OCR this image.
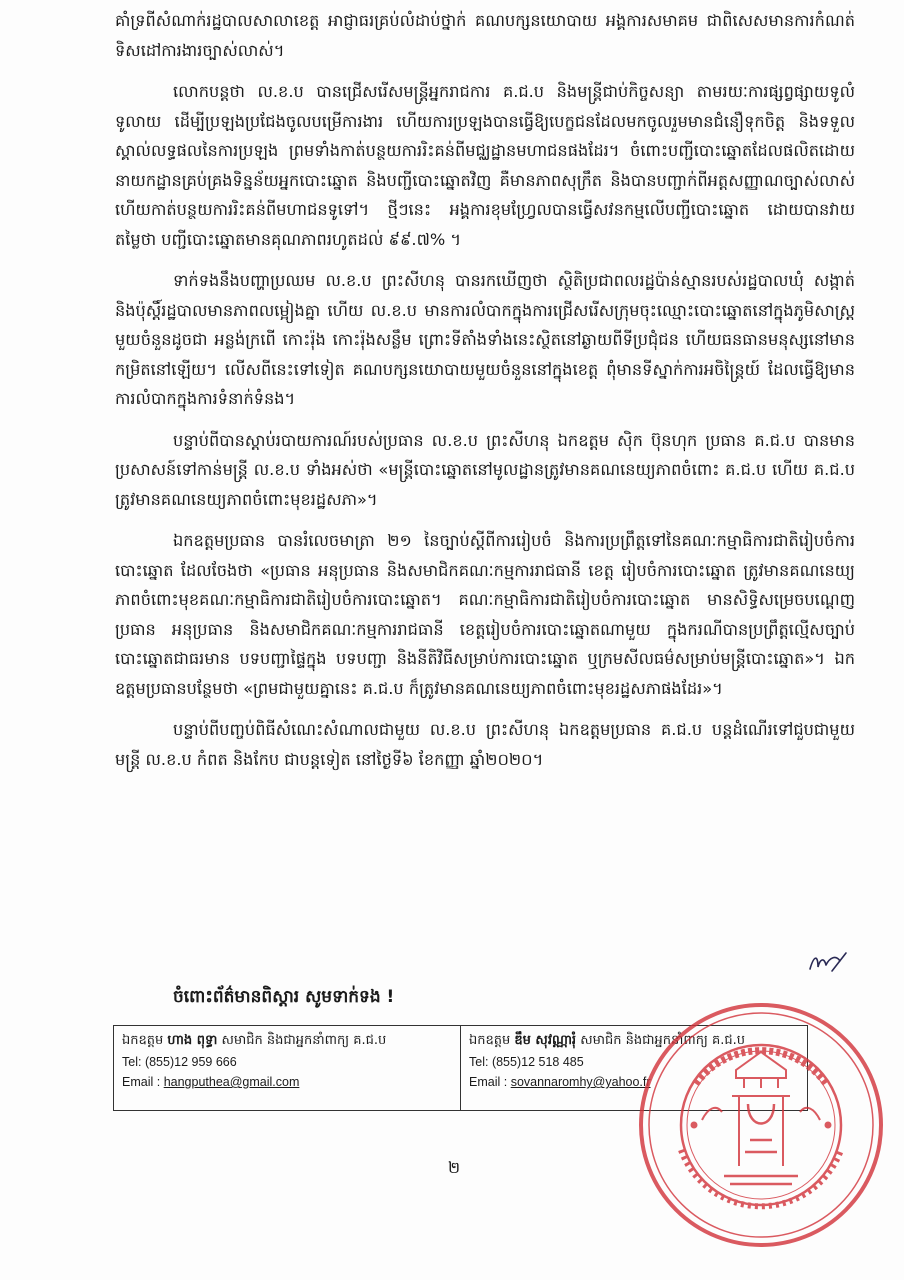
គាំទ្រពីសំណាក់រដ្ឋបាលសាលាខេត្ត អាជ្ញាធរគ្រប់លំដាប់ថ្នាក់ គណបក្សនយោបាយ អង្គការសមាគម ជាពិសេសមានការកំណត់ទិសដៅការងារច្បាស់លាស់។

លោកបន្តថា ល.ខ.ប បានជ្រើសរើសមន្ត្រីអ្នករាជការ គ.ជ.ប និងមន្ត្រីជាប់កិច្ចសន្យា តាមរយៈការផ្សព្វផ្សាយទូលំទូលាយ ដើម្បីប្រឡងប្រជែងចូលបម្រើការងារ ហើយការប្រឡងបានធ្វើឱ្យបេក្ខជនដែលមកចូលរួមមានជំនឿទុកចិត្ត និងទទួលស្គាល់លទ្ធផលនៃការប្រឡង ព្រមទាំងកាត់បន្ថយការរិះគន់ពីមជ្ឈដ្ឋានមហាជនផងដែរ។ ចំពោះបញ្ជីបោះឆ្នោតដែលផលិតដោយនាយកដ្ឋានគ្រប់គ្រងទិន្នន័យអ្នកបោះឆ្នោត និងបញ្ជីបោះឆ្នោតវិញ គឺមានភាពសុក្រឹត និងបានបញ្ជាក់ពីអត្តសញ្ញាណច្បាស់លាស់ ហើយកាត់បន្ថយការរិះគន់ពីមហាជនទូទៅ។ ថ្មីៗនេះ អង្គការខុមហ្វ្រែលបានធ្វើសវនកម្មលើបញ្ជីបោះឆ្នោត ដោយបានវាយតម្លៃថា បញ្ជីបោះឆ្នោតមានគុណភាពរហូតដល់ ៩៩.៧% ។

ទាក់ទងនឹងបញ្ហាប្រឈម ល.ខ.ប ព្រះសីហនុ បានរកឃើញថា ស្ថិតិប្រជាពលរដ្ឋប៉ាន់ស្មានរបស់រដ្ឋបាលឃុំ សង្កាត់ និងប៉ុស្តិ៍រដ្ឋបាលមានភាពលម្អៀងគ្នា ហើយ ល.ខ.ប មានការលំបាកក្នុងការជ្រើសរើសក្រុមចុះឈ្មោះបោះឆ្នោតនៅក្នុងភូមិសាស្ត្រមួយចំនួនដូចជា អន្លង់ក្រពើ កោះរ៉ុង កោះរ៉ុងសន្លឹម ព្រោះទីតាំងទាំងនេះស្ថិតនៅឆ្ងាយពីទីប្រជុំជន ហើយធនធានមនុស្សនៅមានកម្រិតនៅឡើយ។ លើសពីនេះទៅទៀត គណបក្សនយោបាយមួយចំនួននៅក្នុងខេត្ត ពុំមានទីស្នាក់ការអចិន្ត្រៃយ៍ ដែលធ្វើឱ្យមានការលំបាកក្នុងការទំនាក់ទំនង។

បន្ទាប់ពីបានស្តាប់របាយការណ៍របស់ប្រធាន ល.ខ.ប ព្រះសីហនុ ឯកឧត្តម សុិក ប៊ុនហុក ប្រធាន គ.ជ.ប បានមានប្រសាសន៍ទៅកាន់មន្ត្រី ល.ខ.ប ទាំងអស់ថា «មន្ត្រីបោះឆ្នោតនៅមូលដ្ឋានត្រូវមានគណនេយ្យភាពចំពោះ គ.ជ.ប ហើយ គ.ជ.ប ត្រូវមានគណនេយ្យភាពចំពោះមុខរដ្ឋសភា»។

ឯកឧត្តមប្រធាន បានរំលេចមាត្រា ២១ នៃច្បាប់ស្តីពីការរៀបចំ និងការប្រព្រឹត្តទៅនៃគណៈកម្មាធិការជាតិរៀបចំការបោះឆ្នោត ដែលចែងថា «ប្រធាន អនុប្រធាន និងសមាជិកគណៈកម្មការរាជធានី ខេត្ត រៀបចំការបោះឆ្នោត ត្រូវមានគណនេយ្យភាពចំពោះមុខគណៈកម្មាធិការជាតិរៀបចំការបោះឆ្នោត។ គណៈកម្មាធិការជាតិរៀបចំការបោះឆ្នោត មានសិទ្ធិសម្រេចបណ្តេញប្រធាន អនុប្រធាន និងសមាជិកគណៈកម្មការរាជធានី ខេត្តរៀបចំការបោះឆ្នោតណាមួយ ក្នុងករណីបានប្រព្រឹត្តល្មើសច្បាប់បោះឆ្នោតជាធរមាន បទបញ្ជាផ្ទៃក្នុង បទបញ្ជា និងនីតិវិធីសម្រាប់ការបោះឆ្នោត ឬក្រមសីលធម៌សម្រាប់មន្ត្រីបោះឆ្នោត»។ ឯកឧត្តមប្រធានបន្ថែមថា «ព្រមជាមួយគ្នានេះ គ.ជ.ប ក៏ត្រូវមានគណនេយ្យភាពចំពោះមុខរដ្ឋសភាផងដែរ»។

បន្ទាប់ពីបញ្ចប់ពិធីសំណេះសំណាលជាមួយ ល.ខ.ប ព្រះសីហនុ ឯកឧត្តមប្រធាន គ.ជ.ប បន្តដំណើរទៅជួបជាមួយមន្ត្រី ល.ខ.ប កំពត និងកែប ជាបន្តទៀត នៅថ្ងៃទី៦ ខែកញ្ញា ឆ្នាំ២០២០។

ចំពោះព័ត៌មានពិស្តារ សូមទាក់ទង !
ឯកឧត្តម ហាង ពុទ្ធា សមាជិក និងជាអ្នកនាំពាក្យ គ.ជ.ប
Tel: (855)12 959 666
Email : hangputhea@gmail.com
ឯកឧត្តម ឌឹម សុវណ្ណារុំ សមាជិក និងជាអ្នកនាំពាក្យ គ.ជ.ប
Tel: (855)12 518 485
Email : sovannaromhy@yahoo.fr
២
